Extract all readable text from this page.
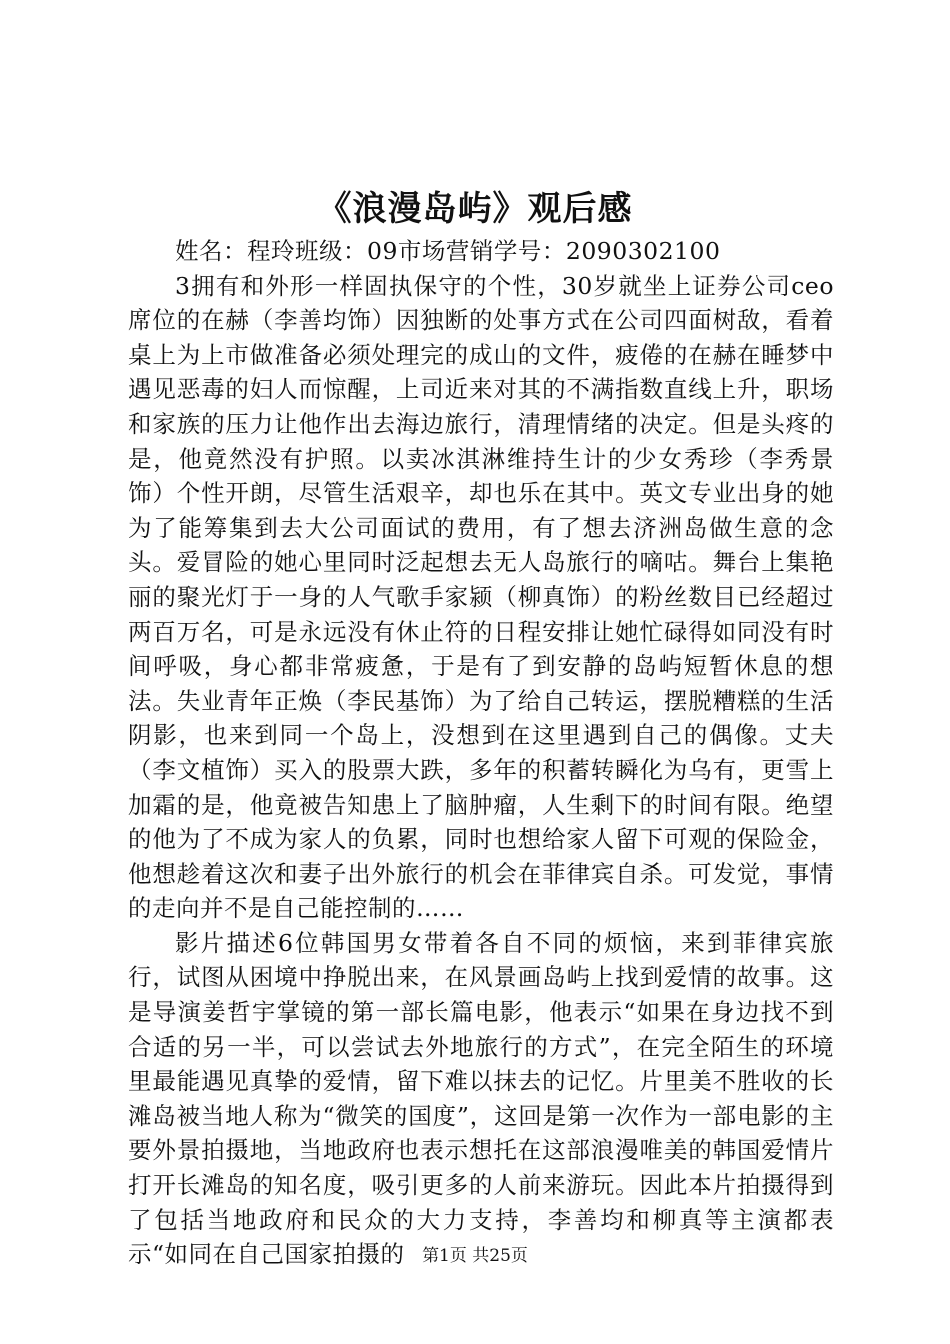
《浪漫岛屿》观后感

姓名：程玲班级：09市场营销学号：2090302100

3拥有和外形一样固执保守的个性，30岁就坐上证券公司ceo席位的在赫（李善均饰）因独断的处事方式在公司四面树敌，看着桌上为上市做准备必须处理完的成山的文件，疲倦的在赫在睡梦中遇见恶毒的妇人而惊醒，上司近来对其的不满指数直线上升，职场和家族的压力让他作出去海边旅行，清理情绪的决定。但是头疼的是，他竟然没有护照。以卖冰淇淋维持生计的少女秀珍（李秀景饰）个性开朗，尽管生活艰辛，却也乐在其中。英文专业出身的她为了能筹集到去大公司面试的费用，有了想去济洲岛做生意的念头。爱冒险的她心里同时泛起想去无人岛旅行的嘀咕。舞台上集艳丽的聚光灯于一身的人气歌手家颍（柳真饰）的粉丝数目已经超过两百万名，可是永远没有休止符的日程安排让她忙碌得如同没有时间呼吸，身心都非常疲惫，于是有了到安静的岛屿短暂休息的想法。失业青年正焕（李民基饰）为了给自己转运，摆脱糟糕的生活阴影，也来到同一个岛上，没想到在这里遇到自己的偶像。丈夫（李文植饰）买入的股票大跌，多年的积蓄转瞬化为乌有，更雪上加霜的是，他竟被告知患上了脑肿瘤，人生剩下的时间有限。绝望的他为了不成为家人的负累，同时也想给家人留下可观的保险金，他想趁着这次和妻子出外旅行的机会在菲律宾自杀。可发觉，事情的走向并不是自己能控制的……

影片描述6位韩国男女带着各自不同的烦恼，来到菲律宾旅行，试图从困境中挣脱出来，在风景画岛屿上找到爱情的故事。这是导演姜哲宇掌镜的第一部长篇电影，他表示“如果在身边找不到合适的另一半，可以尝试去外地旅行的方式”，在完全陌生的环境里最能遇见真挚的爱情，留下难以抹去的记忆。片里美不胜收的长滩岛被当地人称为“微笑的国度”，这回是第一次作为一部电影的主要外景拍摄地，当地政府也表示想托在这部浪漫唯美的韩国爱情片打开长滩岛的知名度，吸引更多的人前来游玩。因此本片拍摄得到了包括当地政府和民众的大力支持，李善均和柳真等主演都表示“如同在自己国家拍摄的	第1页 共25页
